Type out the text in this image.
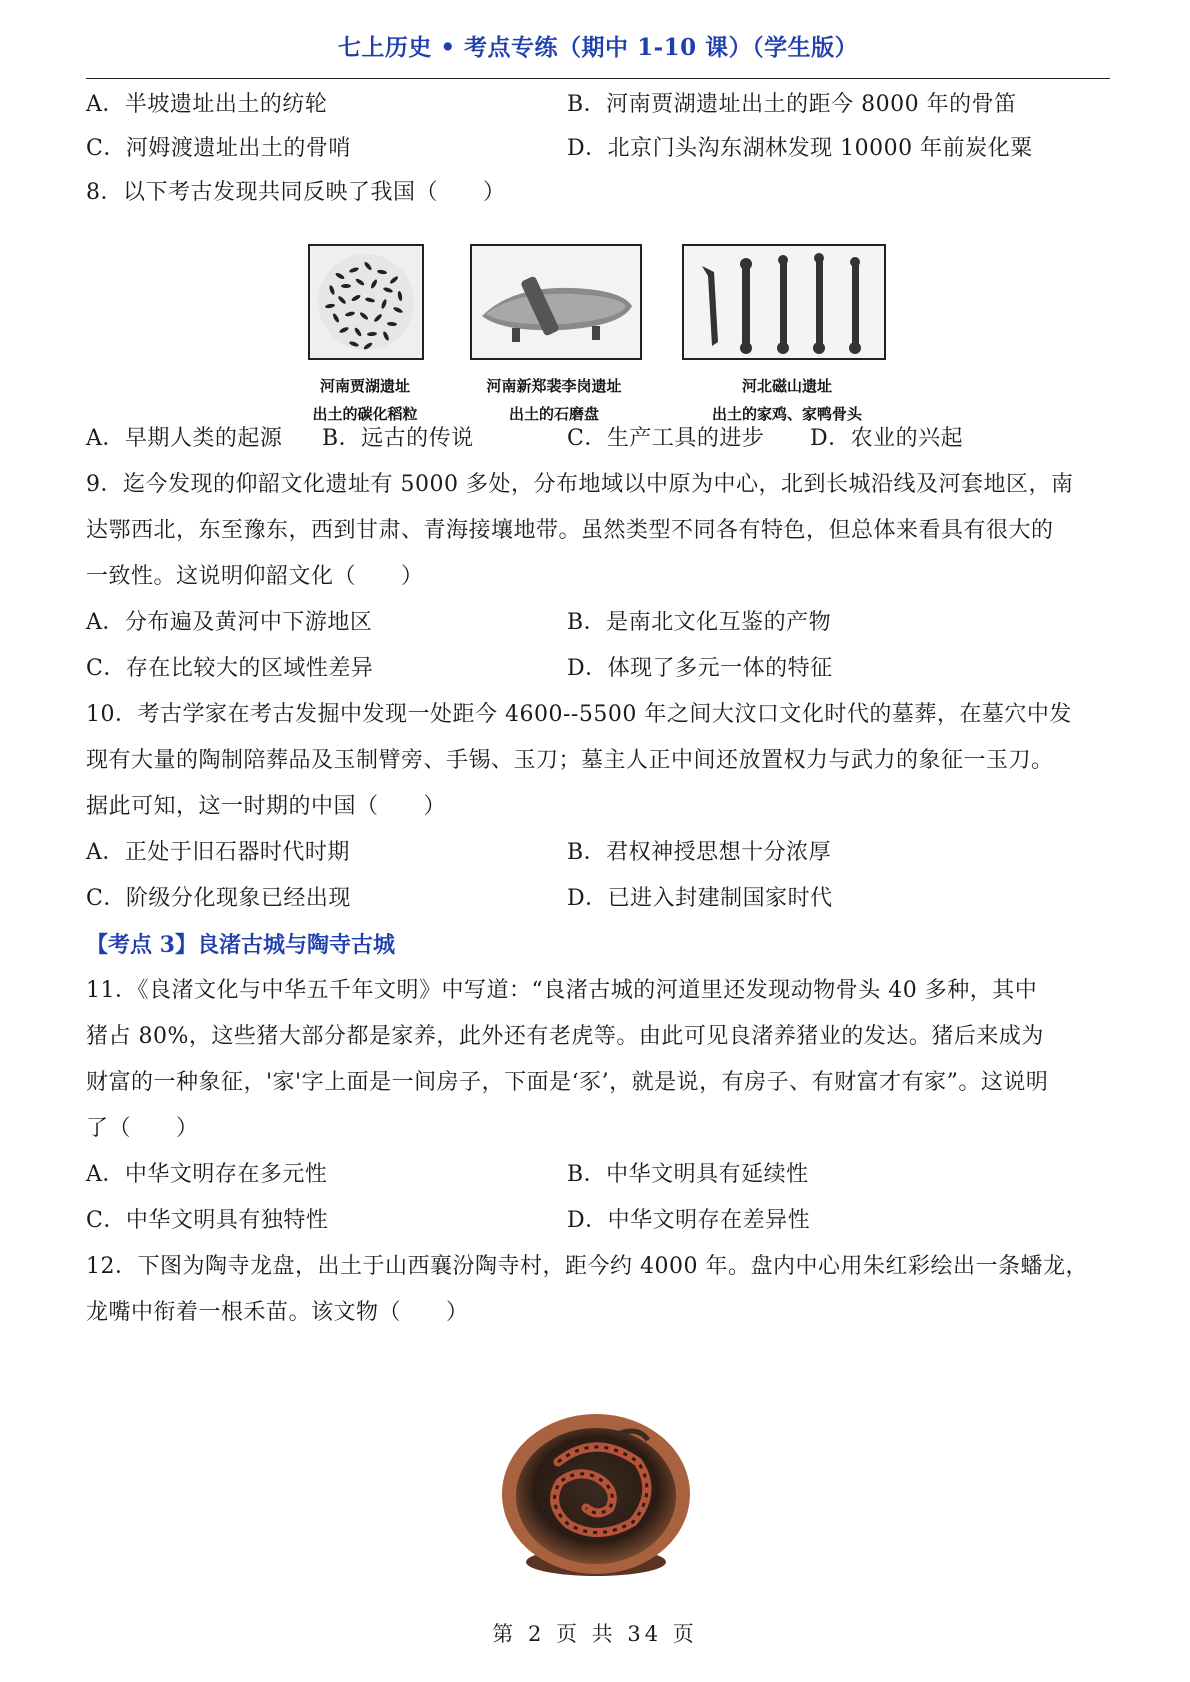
七上历史 • 考点专练（期中 1-10 课）（学生版）
A．半坡遗址出土的纺轮	B．河南贾湖遗址出土的距今 8000 年的骨笛
C．河姆渡遗址出土的骨哨	D．北京门头沟东湖林发现 10000 年前炭化粟
8．以下考古发现共同反映了我国（　　）
河南贾湖遗址
出土的碳化稻粒
河南新郑裴李岗遗址
出土的石磨盘
河北磁山遗址
出土的家鸡、家鸭骨头
A．早期人类的起源 B．远古的传说	C．生产工具的进步 D．农业的兴起
9．迄今发现的仰韶文化遗址有 5000 多处，分布地域以中原为中心，北到长城沿线及河套地区，南
达鄂西北，东至豫东，西到甘肃、青海接壤地带。虽然类型不同各有特色，但总体来看具有很大的
一致性。这说明仰韶文化（　　）
A．分布遍及黄河中下游地区	B．是南北文化互鉴的产物
C．存在比较大的区域性差异	D．体现了多元一体的特征
10．考古学家在考古发掘中发现一处距今 4600--5500 年之间大汶口文化时代的墓葬，在墓穴中发
现有大量的陶制陪葬品及玉制臂旁、手锡、玉刀；墓主人正中间还放置权力与武力的象征一玉刀。
据此可知，这一时期的中国（　　）
A．正处于旧石器时代时期	B．君权神授思想十分浓厚
C．阶级分化现象已经出现	D．已进入封建制国家时代
【考点 3】良渚古城与陶寺古城
11．《良渚文化与中华五千年文明》中写道：“良渚古城的河道里还发现动物骨头 40 多种，其中
猪占 80%，这些猪大部分都是家养，此外还有老虎等。由此可见良渚养猪业的发达。猪后来成为
财富的一种象征，'家'字上面是一间房子，下面是‘豕’，就是说，有房子、有财富才有家”。这说明
了（　　）
A．中华文明存在多元性	B．中华文明具有延续性
C．中华文明具有独特性	D．中华文明存在差异性
12．下图为陶寺龙盘，出土于山西襄汾陶寺村，距今约 4000 年。盘内中心用朱红彩绘出一条蟠龙，
龙嘴中衔着一根禾苗。该文物（　　）
第 2 页 共 34 页
